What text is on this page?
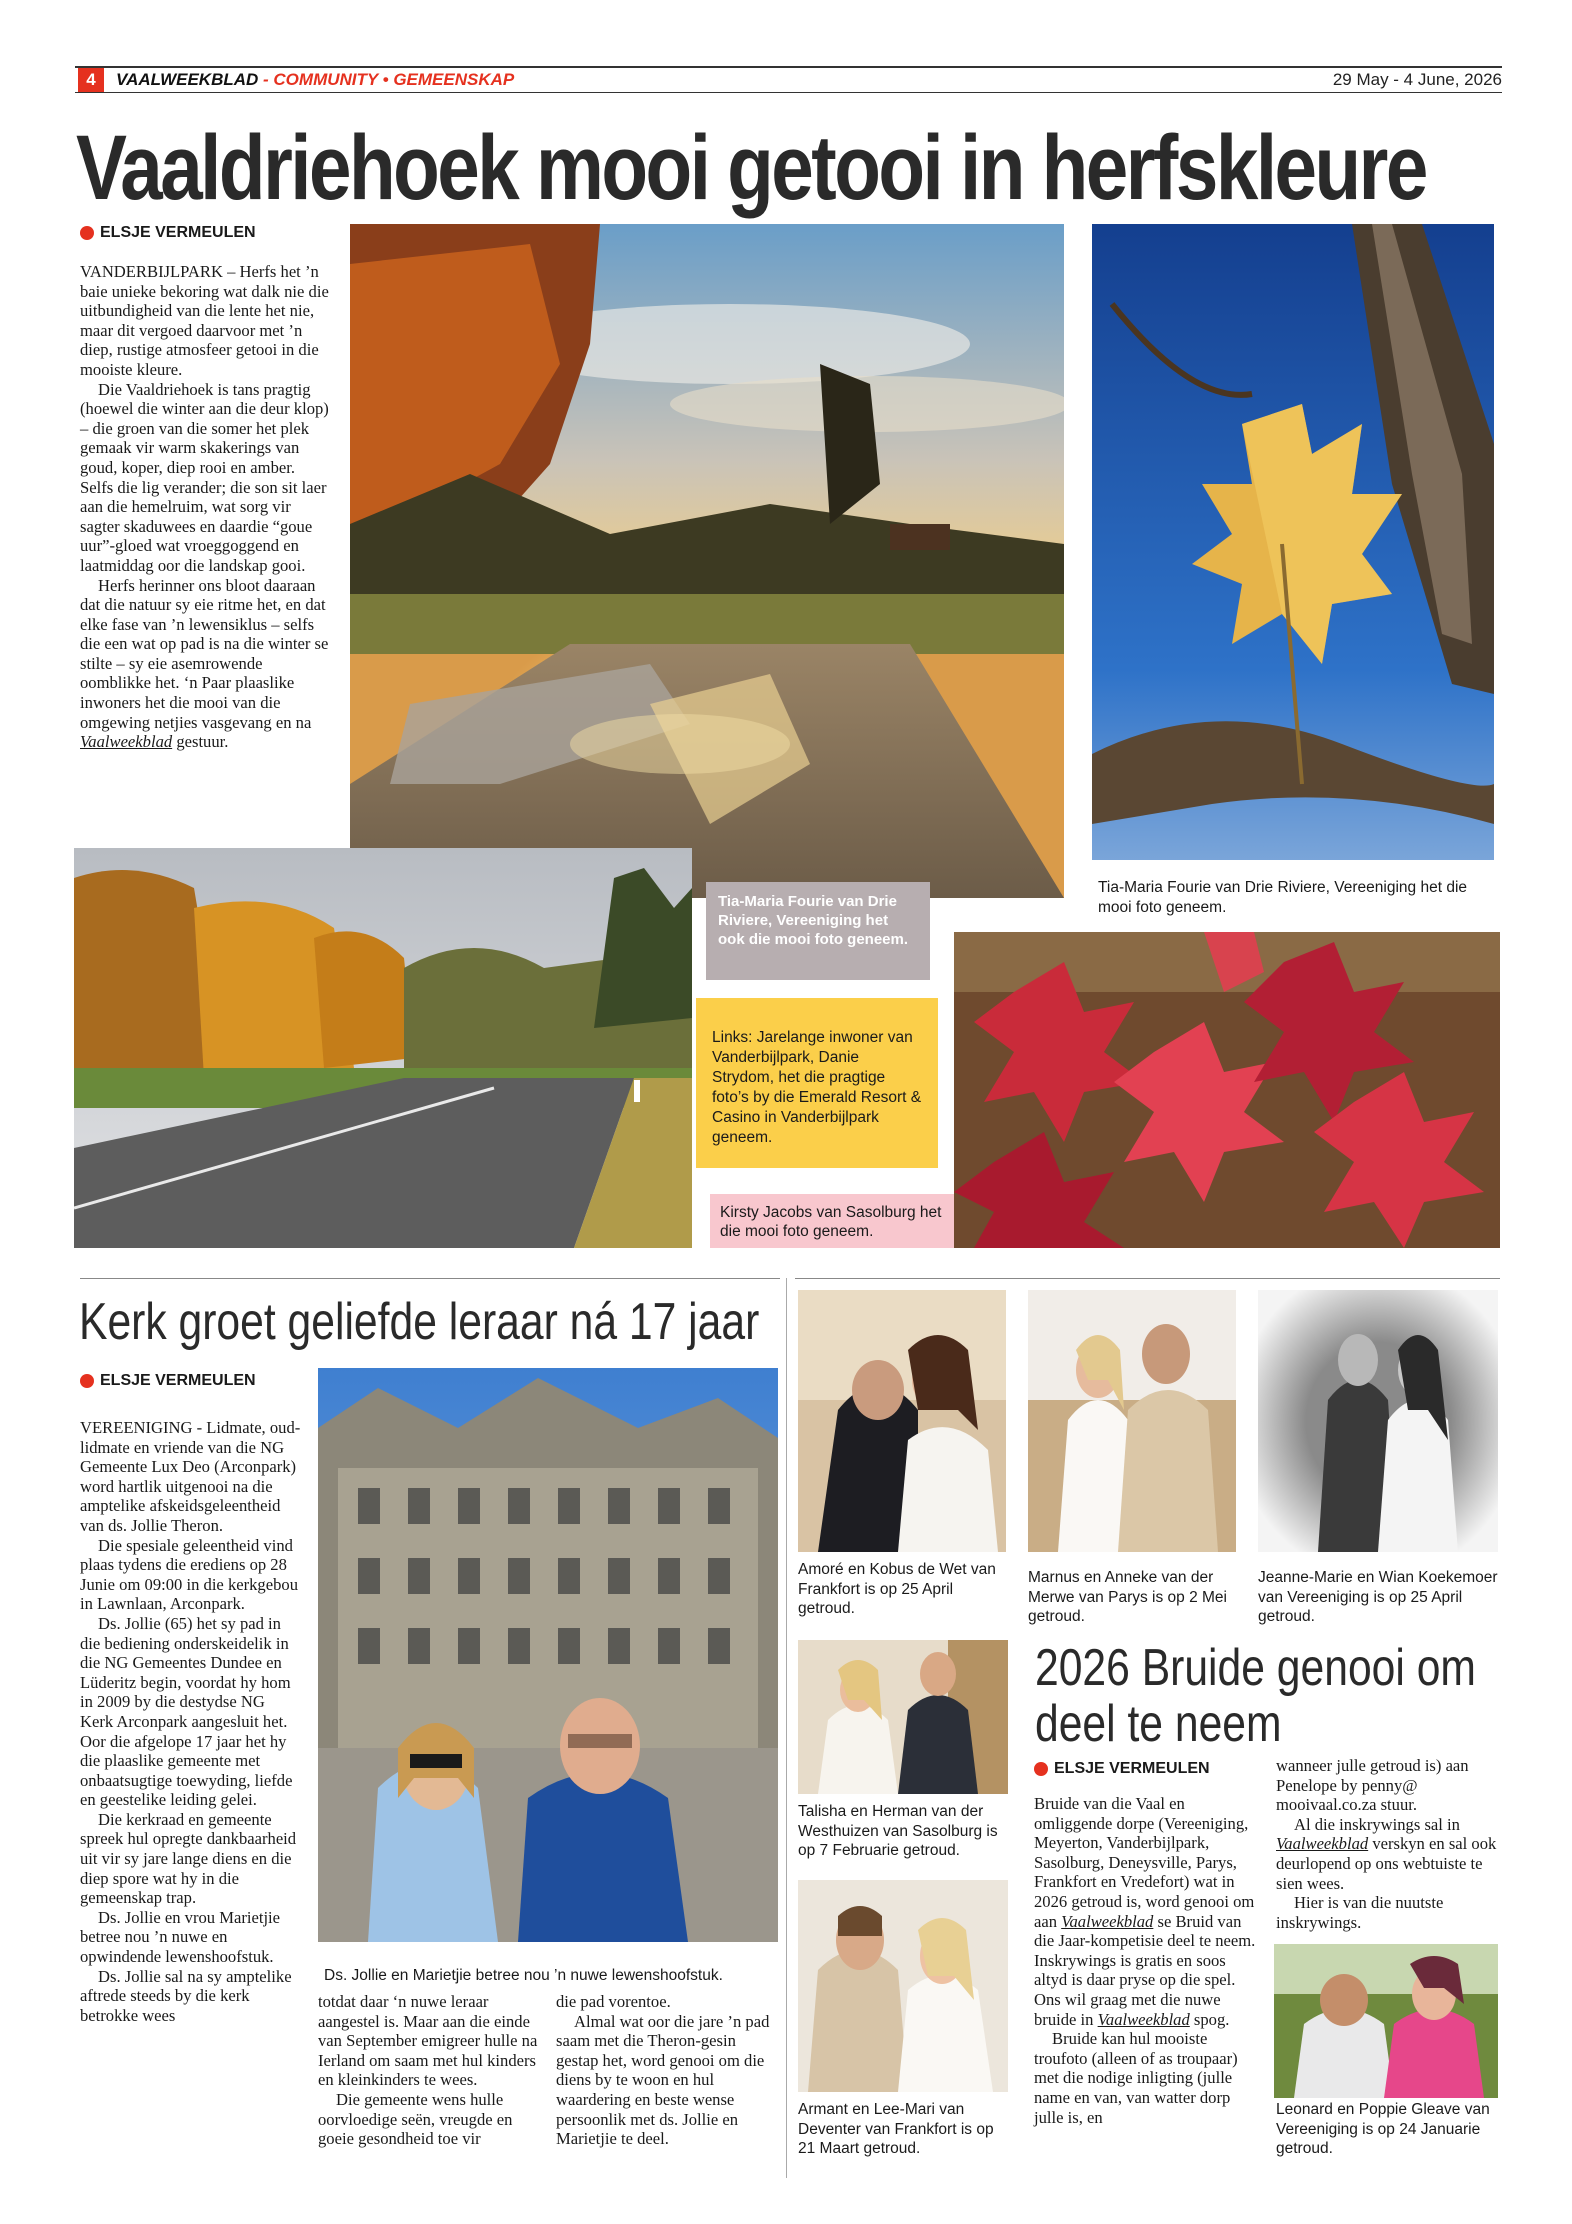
4	VAALWEEKBLAD - COMMUNITY • GEMEENSKAP	29 May - 4 June, 2026
Vaaldriehoek mooi getooi in herfskleure
ELSJE VERMEULEN

VANDERBIJLPARK – Herfs het ’n baie unieke bekoring wat dalk nie die uitbundigheid van die lente het nie, maar dit vergoed daarvoor met ’n diep, rustige atmosfeer getooi in die mooiste kleure.

Die Vaaldriehoek is tans pragtig (hoewel die winter aan die deur klop) – die groen van die somer het plek gemaak vir warm skakerings van goud, koper, diep rooi en amber. Selfs die lig verander; die son sit laer aan die hemelruim, wat sorg vir sagter skaduwees en daardie “goue uur”-gloed wat vroeggoggend en laatmiddag oor die landskap gooi.

Herfs herinner ons bloot daaraan dat die natuur sy eie ritme het, en dat elke fase van ’n lewensiklus – selfs die een wat op pad is na die winter se stilte – sy eie asemrowende oomblikke het. ‘n Paar plaaslike inwoners het die mooi van die omgewing netjies vasgevang en na Vaalweekblad gestuur.

Tia-Maria Fourie van Drie Riviere, Vereeniging het ook die mooi foto geneem.
Tia-Maria Fourie van Drie Riviere, Vereeniging het die mooi foto geneem.
Links: Jarelange inwoner van Vanderbijlpark, Danie Strydom, het die pragtige foto’s by die Emerald Resort & Casino in Vanderbijlpark geneem.
Kirsty Jacobs van Sasolburg het die mooi foto geneem.
Kerk groet geliefde leraar ná 17 jaar
ELSJE VERMEULEN

VEREENIGING - Lidmate, oud-lidmate en vriende van die NG Gemeente Lux Deo (Arconpark) word hartlik uitgenooi na die amptelike afskeidsgeleentheid van ds. Jollie Theron.

Die spesiale geleentheid vind plaas tydens die erediens op 28 Junie om 09:00 in die kerkgebou in Lawnlaan, Arconpark.

Ds. Jollie (65) het sy pad in die bediening onderskeidelik in die NG Gemeentes Dundee en Lüderitz begin, voordat hy hom in 2009 by die destydse NG Kerk Arconpark aangesluit het. Oor die afgelope 17 jaar het hy die plaaslike gemeente met onbaatsugtige toewyding, liefde en geestelike leiding gelei.

Die kerkraad en gemeente spreek hul opregte dankbaarheid uit vir sy jare lange diens en die diep spore wat hy in die gemeenskap trap.

Ds. Jollie en vrou Marietjie betree nou ’n nuwe en opwindende lewenshoofstuk.

Ds. Jollie sal na sy amptelike aftrede steeds by die kerk betrokke wees

Ds. Jollie en Marietjie betree nou ’n nuwe lewenshoofstuk.

totdat daar ‘n nuwe leraar aangestel is. Maar aan die einde van September emigreer hulle na Ierland om saam met hul kinders en kleinkinders te wees.

Die gemeente wens hulle oorvloedige seën, vreugde en goeie gesondheid toe vir

die pad vorentoe.

Almal wat oor die jare ’n pad saam met die Theron-gesin gestap het, word genooi om die diens by te woon en hul waardering en beste wense persoonlik met ds. Jollie en Marietjie te deel.

Amoré en Kobus de Wet van Frankfort is op 25 April getroud.
Marnus en Anneke van der Merwe van Parys is op 2 Mei getroud.
Jeanne-Marie en Wian Koekemoer van Vereeniging is op 25 April getroud.
Talisha en Herman van der Westhuizen van Sasolburg is op 7 Februarie getroud.
Armant en Lee-Mari van Deventer van Frankfort is op 21 Maart getroud.
2026 Bruide genooi om
deel te neem
ELSJE VERMEULEN

Bruide van die Vaal en omliggende dorpe (Vereeniging, Meyerton, Vanderbijlpark, Sasolburg, Deneysville, Parys, Frankfort en Vredefort) wat in 2026 getroud is, word genooi om aan Vaalweekblad se Bruid van die Jaar-kompetisie deel te neem. Inskrywings is gratis en soos altyd is daar pryse op die spel. Ons wil graag met die nuwe bruide in Vaalweekblad spog.

Bruide kan hul mooiste troufoto (alleen of as troupaar) met die nodige inligting (julle name en van, van watter dorp julle is, en

wanneer julle getroud is) aan Penelope by penny@ mooivaal.co.za stuur.

Al die inskrywings sal in Vaalweekblad verskyn en sal ook deurlopend op ons webtuiste te sien wees.

Hier is van die nuutste inskrywings.

Leonard en Poppie Gleave van Vereeniging is op 24 Januarie getroud.
